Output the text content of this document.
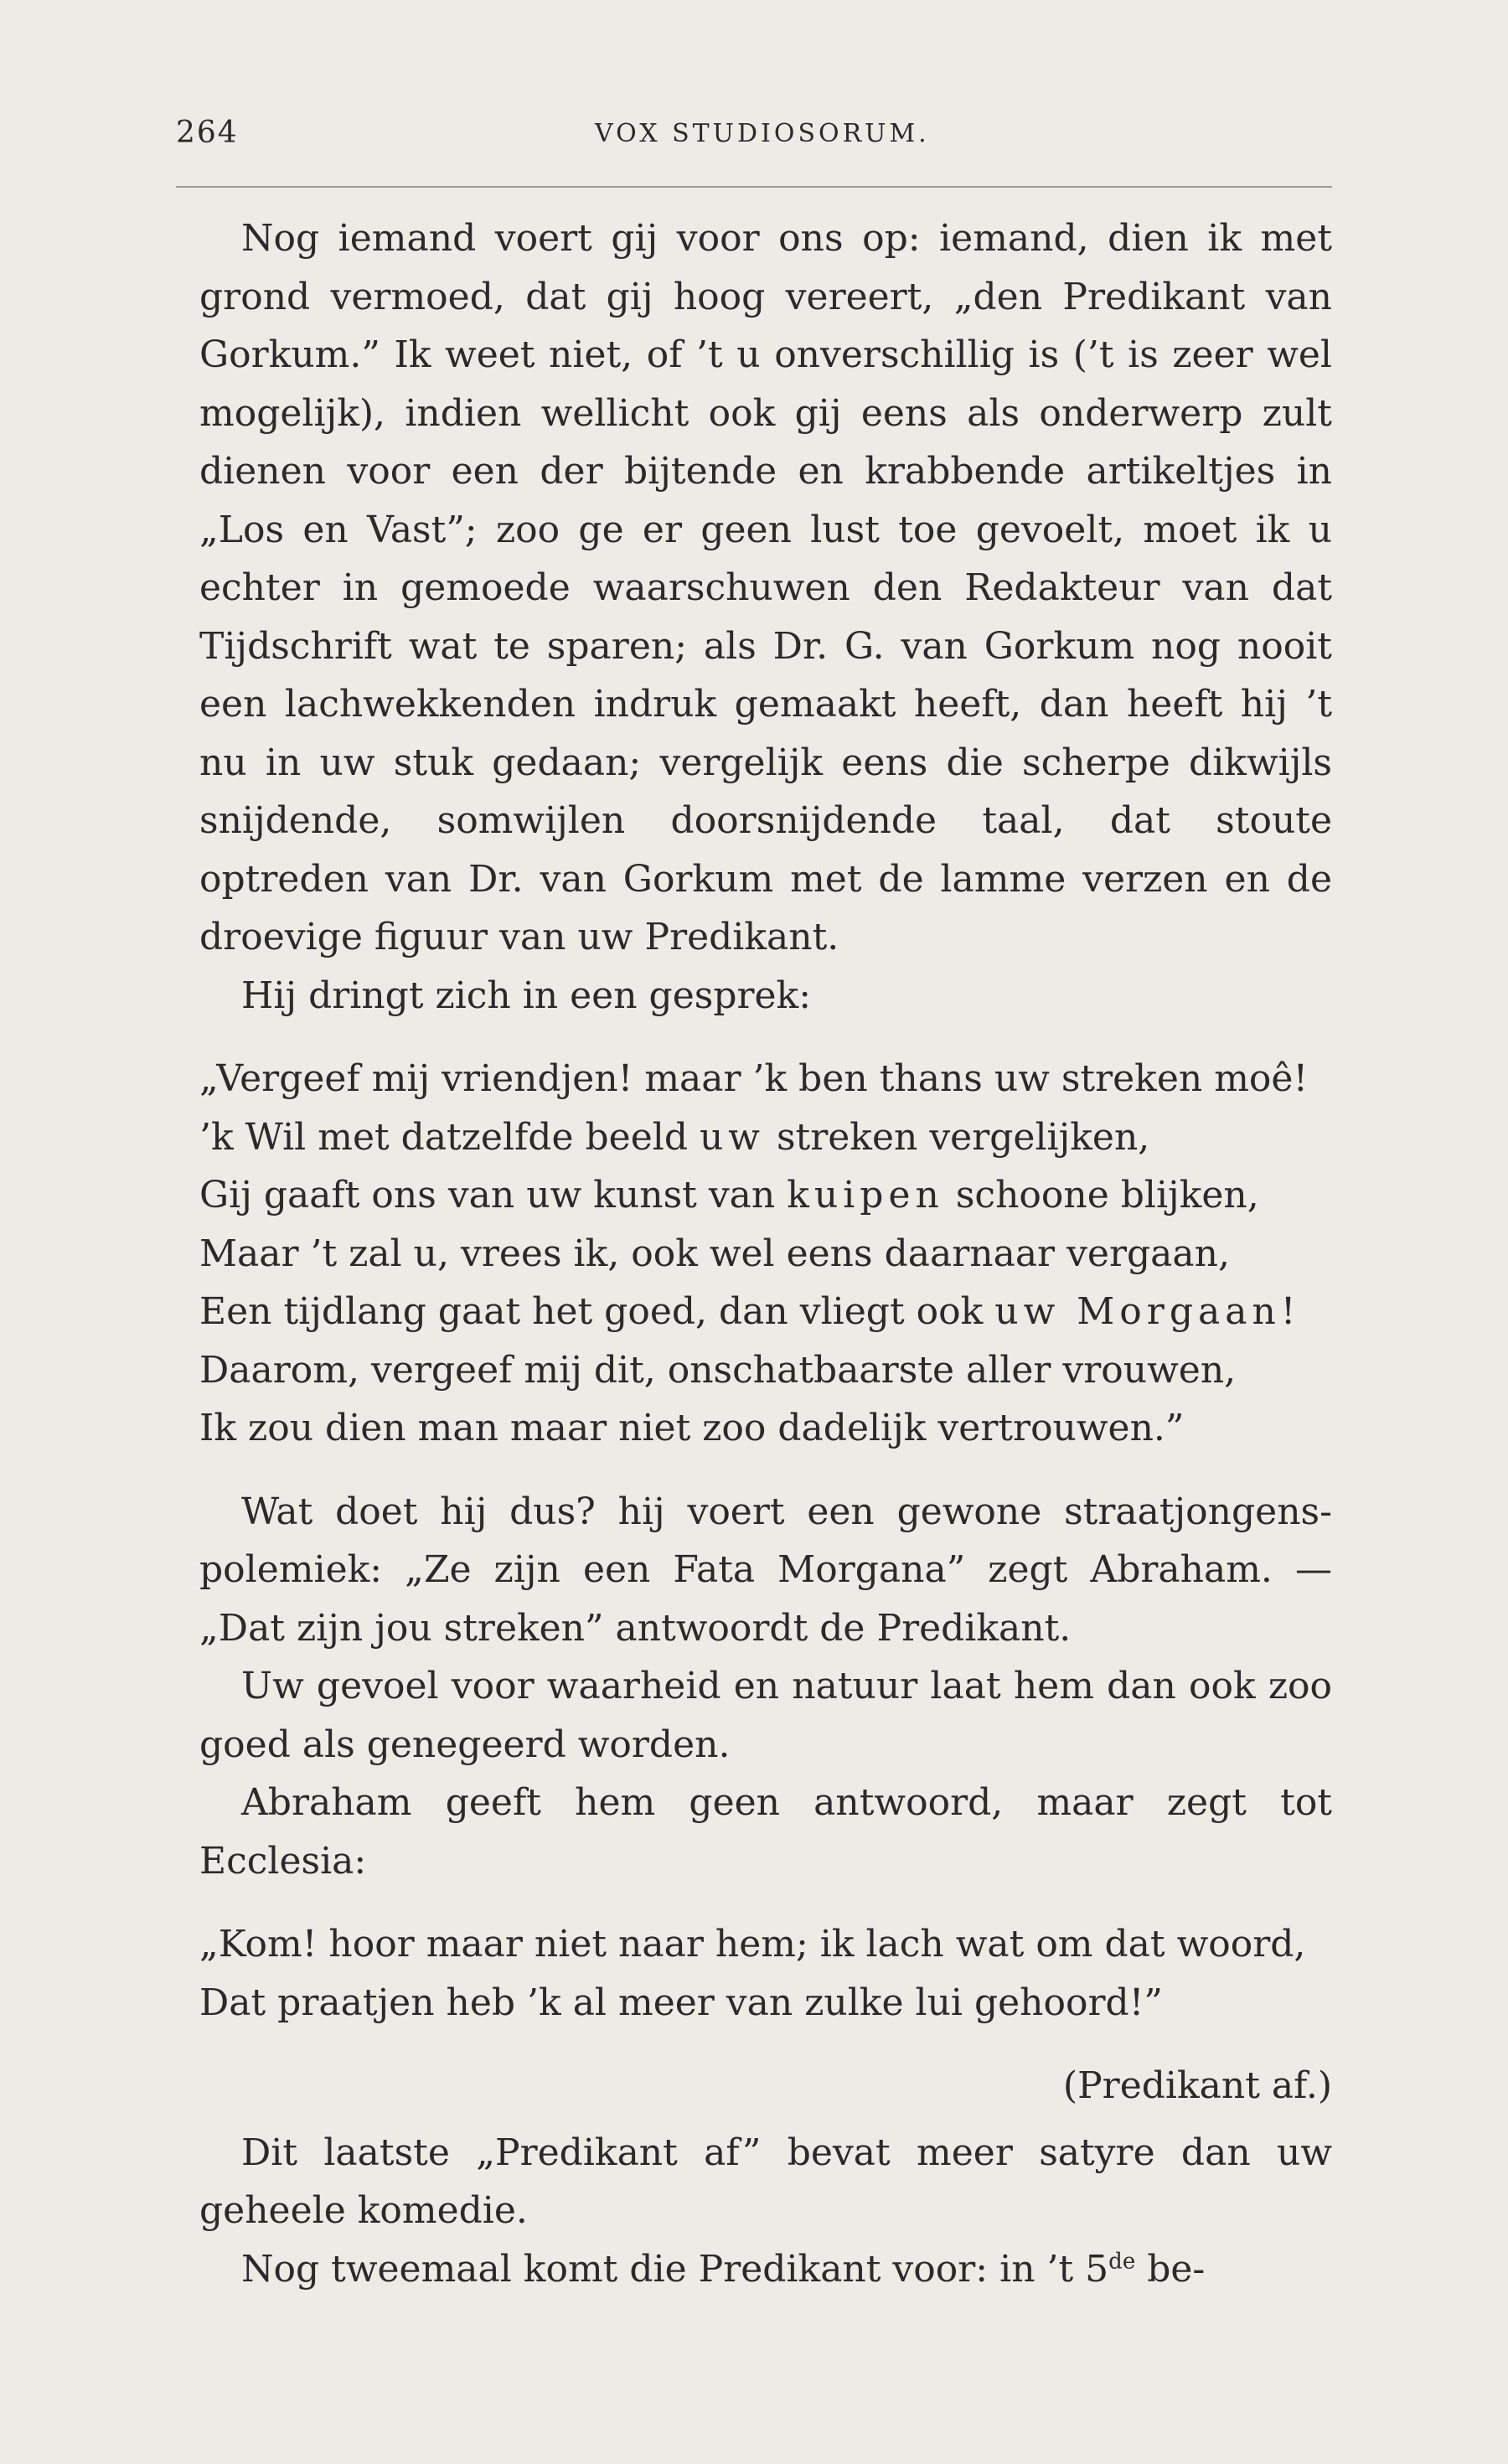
264	VOX STUDIOSORUM.

Nog iemand voert gij voor ons op: iemand, dien ik met grond vermoed, dat gij hoog vereert, „den Predikant van Gorkum.” Ik weet niet, of ’t u onverschillig is (’t is zeer wel mogelijk), indien wellicht ook gij eens als onderwerp zult dienen voor een der bijtende en krabbende artikeltjes in „Los en Vast”; zoo ge er geen lust toe gevoelt, moet ik u echter in gemoede waarschuwen den Redakteur van dat Tijdschrift wat te sparen; als Dr. G. van Gorkum nog nooit een lachwekkenden indruk gemaakt heeft, dan heeft hij ’t nu in uw stuk gedaan; vergelijk eens die scherpe dikwijls snijdende, somwijlen doorsnijdende taal, dat stoute optreden van Dr. van Gorkum met de lamme verzen en de droevige figuur van uw Predikant.

Hij dringt zich in een gesprek:

„Vergeef mij vriendjen! maar ’k ben thans uw streken moê!

’k Wil met datzelfde beeld uw streken vergelijken,

Gij gaaft ons van uw kunst van kuipen schoone blijken,

Maar ’t zal u, vrees ik, ook wel eens daarnaar vergaan,

Een tijdlang gaat het goed, dan vliegt ook uw Morgaan!

Daarom, vergeef mij dit, onschatbaarste aller vrouwen,

Ik zou dien man maar niet zoo dadelijk vertrouwen.”

Wat doet hij dus? hij voert een gewone straatjongens-polemiek: „Ze zijn een Fata Morgana” zegt Abraham. — „Dat zijn jou streken” antwoordt de Predikant.

Uw gevoel voor waarheid en natuur laat hem dan ook zoo goed als genegeerd worden.

Abraham geeft hem geen antwoord, maar zegt tot Ecclesia:

„Kom! hoor maar niet naar hem; ik lach wat om dat woord,

Dat praatjen heb ’k al meer van zulke lui gehoord!”

(Predikant af.)

Dit laatste „Predikant af” bevat meer satyre dan uw geheele komedie.

Nog tweemaal komt die Predikant voor: in ’t 5de be-
